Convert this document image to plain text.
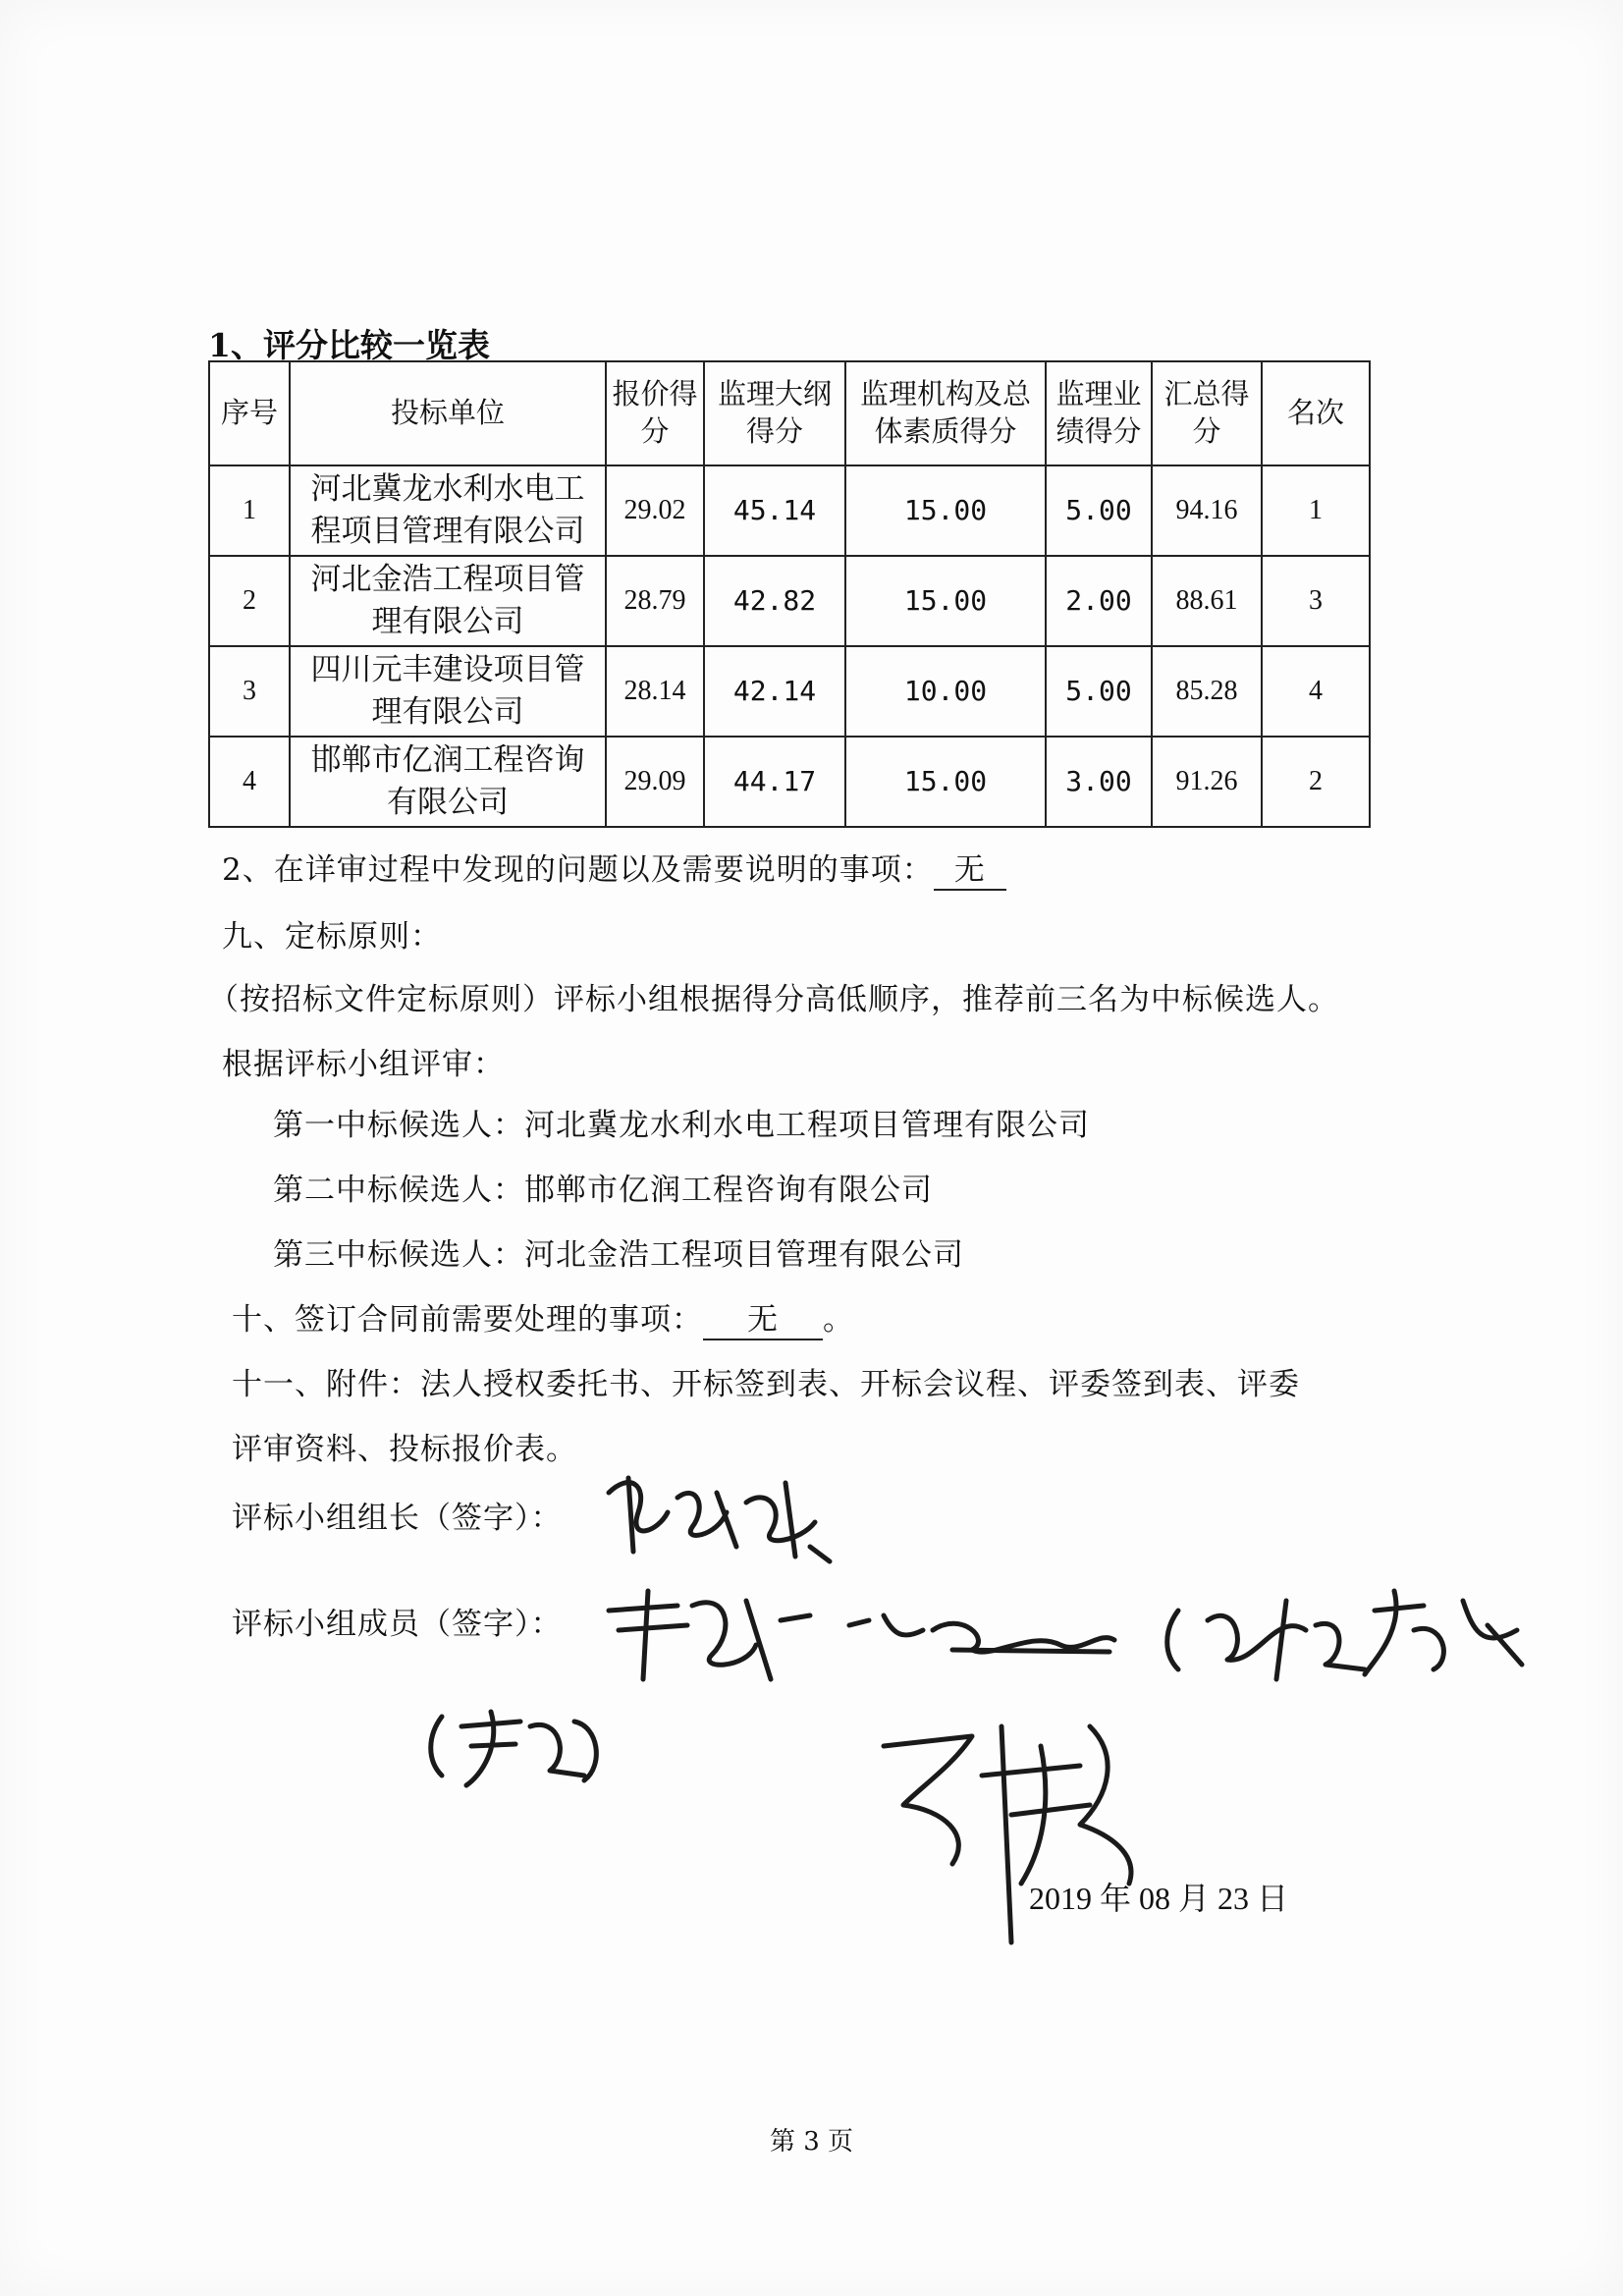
1、评分比较一览表
序号	投标单位	报价得分	监理大纲得分	监理机构及总体素质得分	监理业绩得分	汇总得分	名次
1	河北冀龙水利水电工程项目管理有限公司	29.02	45.14	15.00	5.00	94.16	1
2	河北金浩工程项目管理有限公司	28.79	42.82	15.00	2.00	88.61	3
3	四川元丰建设项目管理有限公司	28.14	42.14	10.00	5.00	85.28	4
4	邯郸市亿润工程咨询有限公司	29.09	44.17	15.00	3.00	91.26	2
2、在详审过程中发现的问题以及需要说明的事项： 无
九、定标原则：
（按招标文件定标原则）评标小组根据得分高低顺序，推荐前三名为中标候选人。
根据评标小组评审：
第一中标候选人：河北冀龙水利水电工程项目管理有限公司
第二中标候选人：邯郸市亿润工程咨询有限公司
第三中标候选人：河北金浩工程项目管理有限公司
十、签订合同前需要处理的事项： 无 。
十一、附件：法人授权委托书、开标签到表、开标会议程、评委签到表、评委
评审资料、投标报价表。
评标小组组长（签字）：
评标小组成员（签字）：
2019 年 08 月 23 日
第 3 页
